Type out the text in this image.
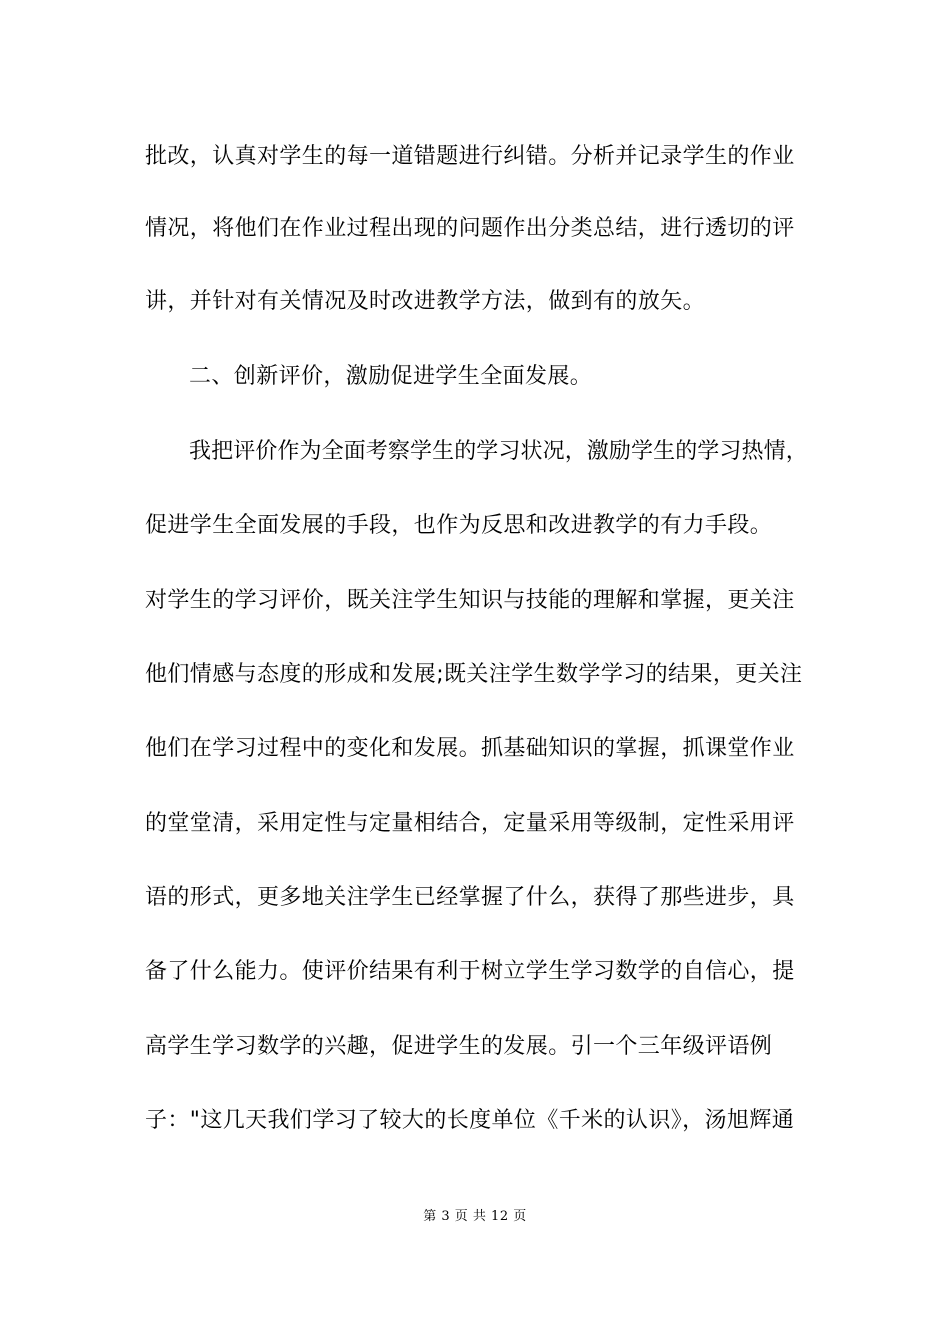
批改，认真对学生的每一道错题进行纠错。分析并记录学生的作业
情况，将他们在作业过程出现的问题作出分类总结，进行透切的评
讲，并针对有关情况及时改进教学方法，做到有的放矢。
二、创新评价，激励促进学生全面发展。
我把评价作为全面考察学生的学习状况，激励学生的学习热情，
促进学生全面发展的手段，也作为反思和改进教学的有力手段。
对学生的学习评价，既关注学生知识与技能的理解和掌握，更关注
他们情感与态度的形成和发展;既关注学生数学学习的结果，更关注
他们在学习过程中的变化和发展。抓基础知识的掌握，抓课堂作业
的堂堂清，采用定性与定量相结合，定量采用等级制，定性采用评
语的形式，更多地关注学生已经掌握了什么，获得了那些进步，具
备了什么能力。使评价结果有利于树立学生学习数学的自信心，提
高学生学习数学的兴趣，促进学生的发展。引一个三年级评语例
子："这几天我们学习了较大的长度单位《千米的认识》，汤旭辉通
第 3 页 共 12 页
